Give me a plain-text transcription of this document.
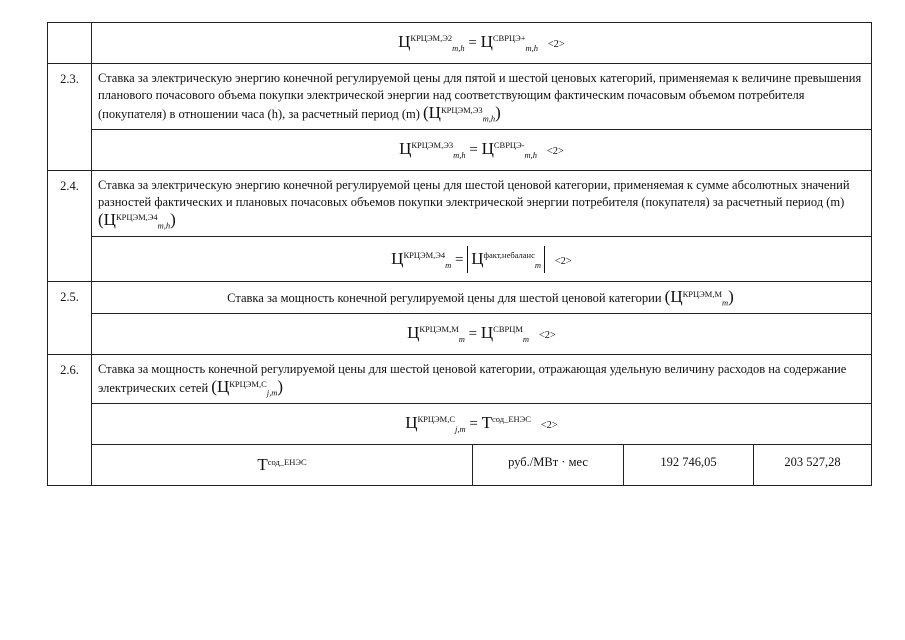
$Ц^{КРЦЭМ,Э2}_{m,h} = Ц^{СВРЦЭ+}_{m,h} <2>$

2.3.	Ставка за электрическую энергию конечной регулируемой цены для пятой и шестой ценовых категорий, применяемая к величине превышения планового почасового объема покупки электрической энергии над соответствующим фактическим почасовым объемом потребителя (покупателя) в отношении часа (h), за расчетный период (m) $(Ц^{КРЦЭМ,Э3}_{m,h})$

$Ц^{КРЦЭМ,Э3}_{m,h} = Ц^{СВРЦЭ-}_{m,h} <2>$

2.4.	Ставка за электрическую энергию конечной регулируемой цены для шестой ценовой категории, применяемая к сумме абсолютных значений разностей фактических и плановых почасовых объемов покупки электрической энергии потребителя (покупателя) за расчетный период (m) $(Ц^{КРЦЭМ,Э4}_{m,h})$

$Ц^{КРЦЭМ,Э4}_m = Ц^{факт,небаланс}_m <2>$

2.5.	Ставка за мощность конечной регулируемой цены для шестой ценовой категории $(Ц^{КРЦЭМ,М}_m)$

$Ц^{КРЦЭМ,М}_m = Ц^{СВРЦМ}_m <2>$

2.6.	Ставка за мощность конечной регулируемой цены для шестой ценовой категории, отражающая удельную величину расходов на содержание электрических сетей $(Ц^{КРЦЭМ,С}_{j,m})$

$Ц^{КРЦЭМ,С}_{j,m} = Т^{сод\_ЕНЭС} <2>$

$Т^{сод\_ЕНЭС}$	руб./МВт · мес	192 746,05	203 527,28
